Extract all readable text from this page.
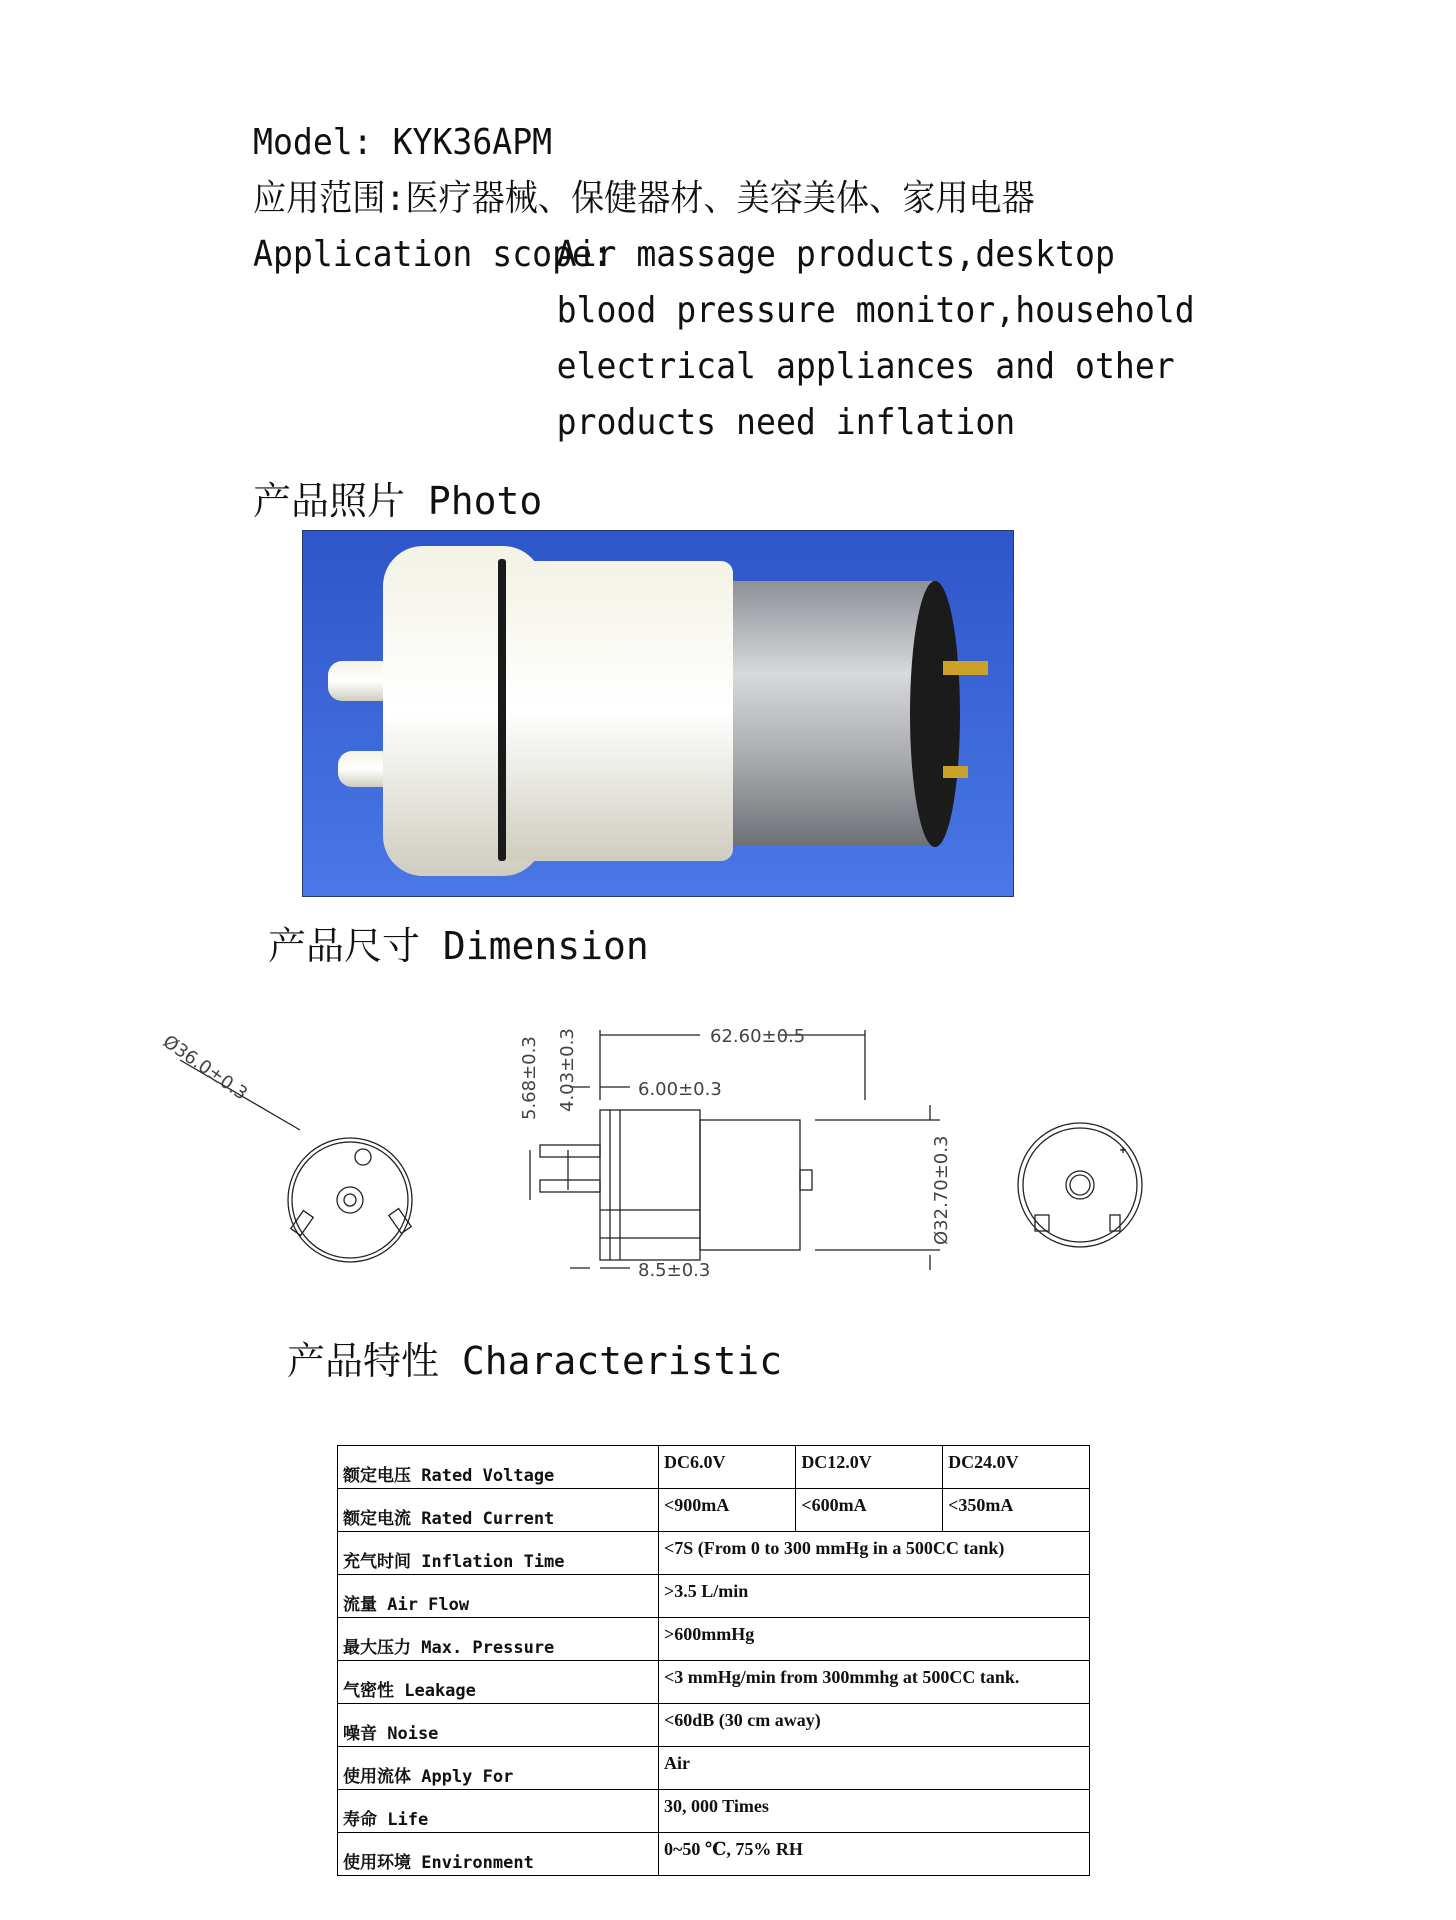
Model:
KYK36APM
应用范围: 医疗器械、保健器材、美容美体、家用电器
Application scope:
Air massage products,desktop
blood pressure monitor,household
electrical appliances and other
products need inflation
产品照片 Photo
产品尺寸 Dimension
Ø36.0±0.3	62.60±0.5
6.00±0.3
8.5±0.3
5.68±0.3 4.03±0.3
Ø32.70±0.3
产品特性 Characteristic
额定电压 Rated Voltage	DC6.0V	DC12.0V	DC24.0V
额定电流 Rated Current	<900mA	<600mA	<350mA
充气时间 Inflation Time	<7S (From 0 to 300 mmHg in a 500CC tank)		
流量 Air Flow	>3.5 L/min		
最大压力 Max. Pressure	>600mmHg		
气密性 Leakage	<3 mmHg/min from 300mmhg at 500CC tank.		
噪音 Noise	<60dB (30 cm away)		
使用流体 Apply For	Air		
寿命 Life	30, 000 Times		
使用环境 Environment	0~50 ℃, 75% RH		
